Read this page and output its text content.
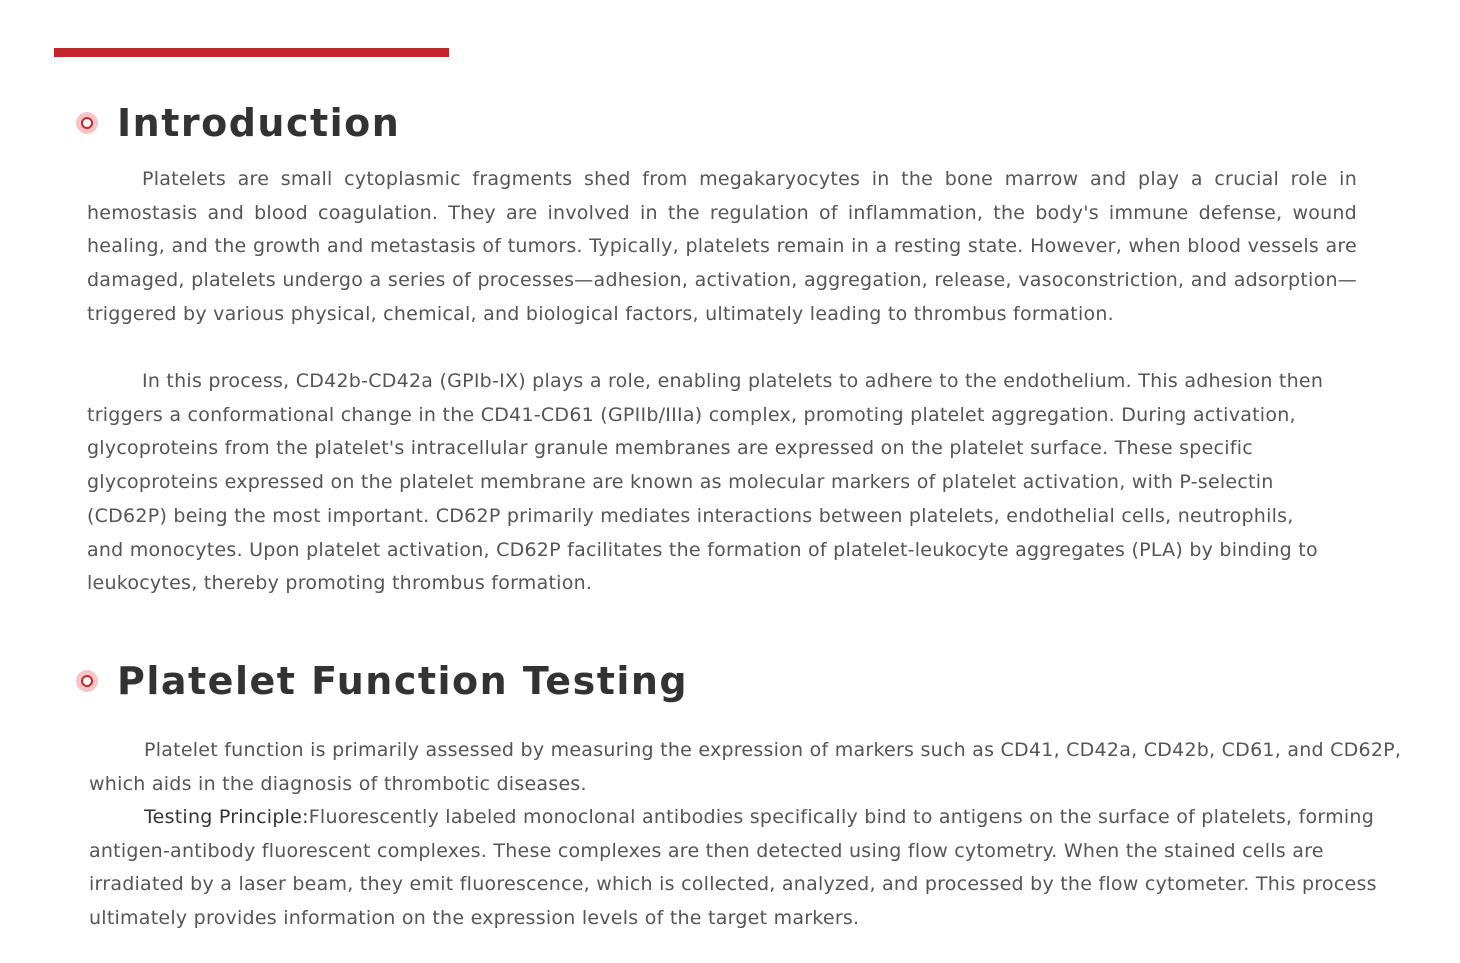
Introduction

Platelets are small cytoplasmic fragments shed from megakaryocytes in the bone marrow and play a crucial role in hemostasis and blood coagulation. They are involved in the regulation of inflammation, the body's immune defense, wound healing, and the growth and metastasis of tumors. Typically, platelets remain in a resting state. However, when blood vessels are damaged, platelets undergo a series of processes—adhesion, activation, aggregation, release, vasoconstriction, and adsorption—triggered by various physical, chemical, and biological factors, ultimately leading to thrombus formation.

In this process, CD42b-CD42a (GPIb-IX) plays a role, enabling platelets to adhere to the endothelium. This adhesion then triggers a conformational change in the CD41-CD61 (GPIIb/IIIa) complex, promoting platelet aggregation. During activation, glycoproteins from the platelet's intracellular granule membranes are expressed on the platelet surface. These specific glycoproteins expressed on the platelet membrane are known as molecular markers of platelet activation, with P-selectin (CD62P) being the most important. CD62P primarily mediates interactions between platelets, endothelial cells, neutrophils, and monocytes. Upon platelet activation, CD62P facilitates the formation of platelet-leukocyte aggregates (PLA) by binding to leukocytes, thereby promoting thrombus formation.

Platelet Function Testing

Platelet function is primarily assessed by measuring the expression of markers such as CD41, CD42a, CD42b, CD61, and CD62P, which aids in the diagnosis of thrombotic diseases.

Testing Principle:Fluorescently labeled monoclonal antibodies specifically bind to antigens on the surface of platelets, forming antigen-antibody fluorescent complexes. These complexes are then detected using flow cytometry. When the stained cells are irradiated by a laser beam, they emit fluorescence, which is collected, analyzed, and processed by the flow cytometer. This process ultimately provides information on the expression levels of the target markers.
